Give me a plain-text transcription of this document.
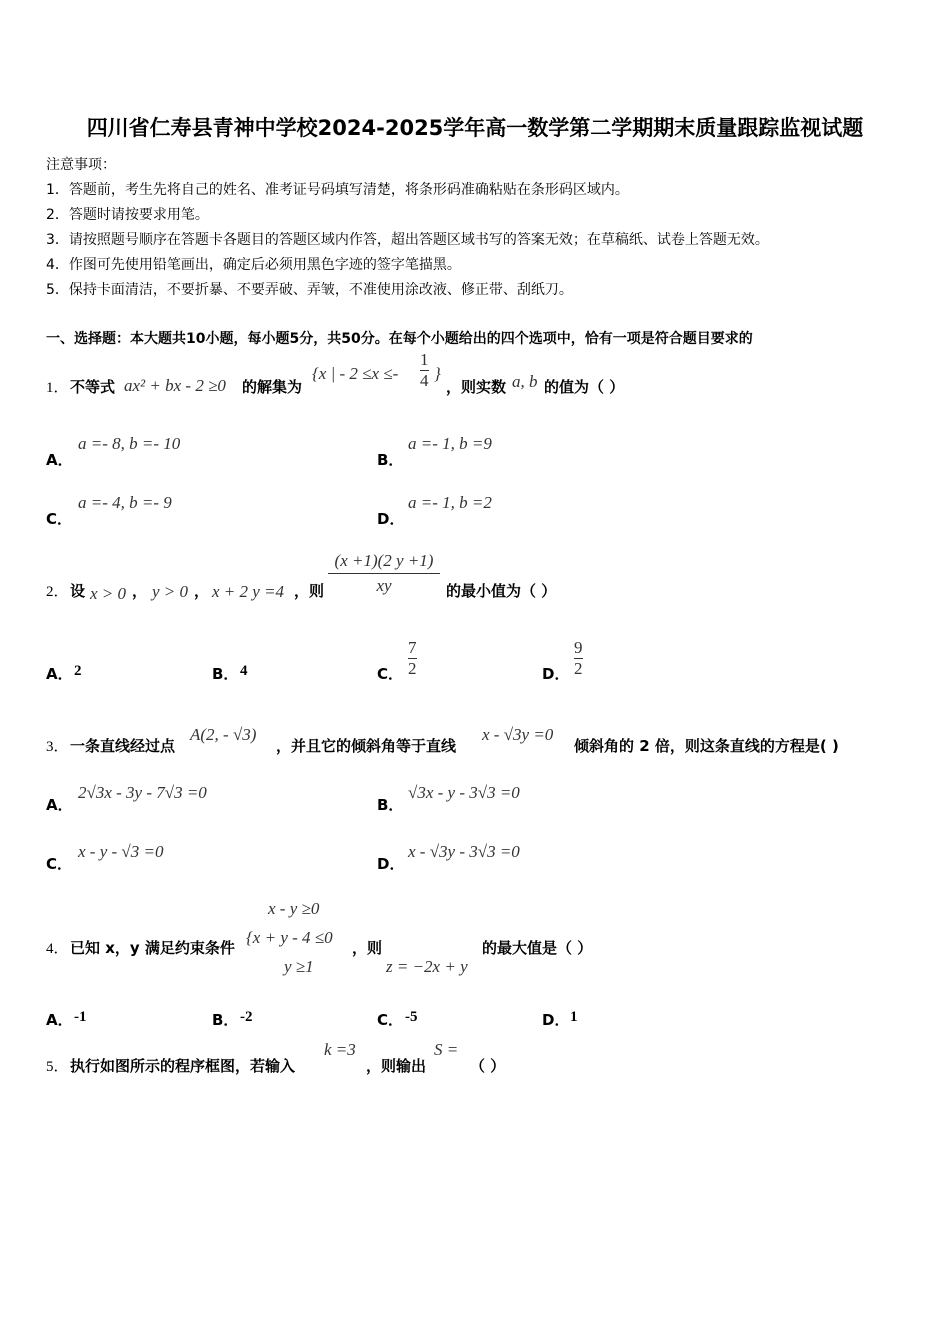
四川省仁寿县青神中学校2024-2025学年高一数学第二学期期末质量跟踪监视试题
注意事项：
1．答题前，考生先将自己的姓名、准考证号码填写清楚，将条形码准确粘贴在条形码区域内。
2．答题时请按要求用笔。
3．请按照题号顺序在答题卡各题目的答题区域内作答，超出答题区域书写的答案无效；在草稿纸、试卷上答题无效。
4．作图可先使用铅笔画出，确定后必须用黑色字迹的签字笔描黑。
5．保持卡面清洁，不要折暴、不要弄破、弄皱，不准使用涂改液、修正带、刮纸刀。
一、选择题：本大题共10小题，每小题5分，共50分。在每个小题给出的四个选项中，恰有一项是符合题目要求的
1． 不等式 ax² + bx - 2 ≥0 的解集为
{x | - 2 ≤x ≤-
1
4 }
，则实数 a, b 的值为（ ）
A．
a =- 8, b =- 10
B．
a =- 1, b =9
C．
a =- 4, b =- 9
D．
a =- 1, b =2
2． 设 x > 0 ， y > 0 ， x + 2 y =4 ，则
(x +1)(2 y +1)
xy	的最小值为（ ）
A． 2	B． 4	C．
7
2	D．
9
2
3． 一条直线经过点
A(2, - √3)
，并且它的倾斜角等于直线
x - √3y =0
倾斜角的 2 倍，则这条直线的方程是( )
A．
2√3x - 3y - 7√3 =0
B．
√3x - y - 3√3 =0
C．
x - y - √3 =0
D．
x - √3y - 3√3 =0
x - y ≥0
4． 已知 x，y 满足约束条件
{x + y - 4 ≤0
，则	的最大值是（ ）
y ≥1	z = −2x + y
A． -1	B． -2	C． -5	D． 1
5． 执行如图所示的程序框图，若输入
k =3
，则输出
S =
（ ）
